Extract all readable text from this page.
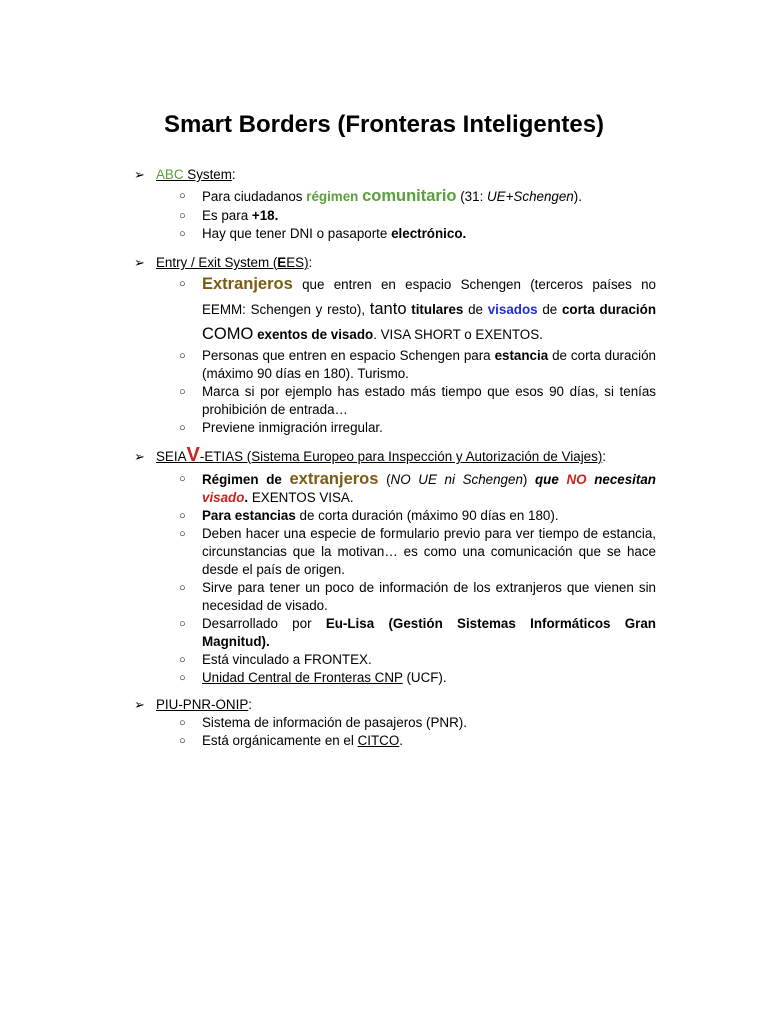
Smart Borders (Fronteras Inteligentes)
➢ ABC System:
○ Para ciudadanos régimen comunitario (31: UE+Schengen).
○ Es para +18.
○ Hay que tener DNI o pasaporte electrónico.
➢ Entry / Exit System (EES):
○ Extranjeros que entren en espacio Schengen (terceros países no EEMM: Schengen y resto), tanto titulares de visados de corta duración COMO exentos de visado. VISA SHORT o EXENTOS.
○ Personas que entren en espacio Schengen para estancia de corta duración (máximo 90 días en 180). Turismo.
○ Marca si por ejemplo has estado más tiempo que esos 90 días, si tenías prohibición de entrada…
○ Previene inmigración irregular.
➢ SEIAV-ETIAS (Sistema Europeo para Inspección y Autorización de Viajes):
○ Régimen de extranjeros (NO UE ni Schengen) que NO necesitan visado. EXENTOS VISA.
○ Para estancias de corta duración (máximo 90 días en 180).
○ Deben hacer una especie de formulario previo para ver tiempo de estancia, circunstancias que la motivan… es como una comunicación que se hace desde el país de origen.
○ Sirve para tener un poco de información de los extranjeros que vienen sin necesidad de visado.
○ Desarrollado por Eu-Lisa (Gestión Sistemas Informáticos Gran Magnitud).
○ Está vinculado a FRONTEX.
○ Unidad Central de Fronteras CNP (UCF).
➢ PIU-PNR-ONIP:
○ Sistema de información de pasajeros (PNR).
○ Está orgánicamente en el CITCO.
